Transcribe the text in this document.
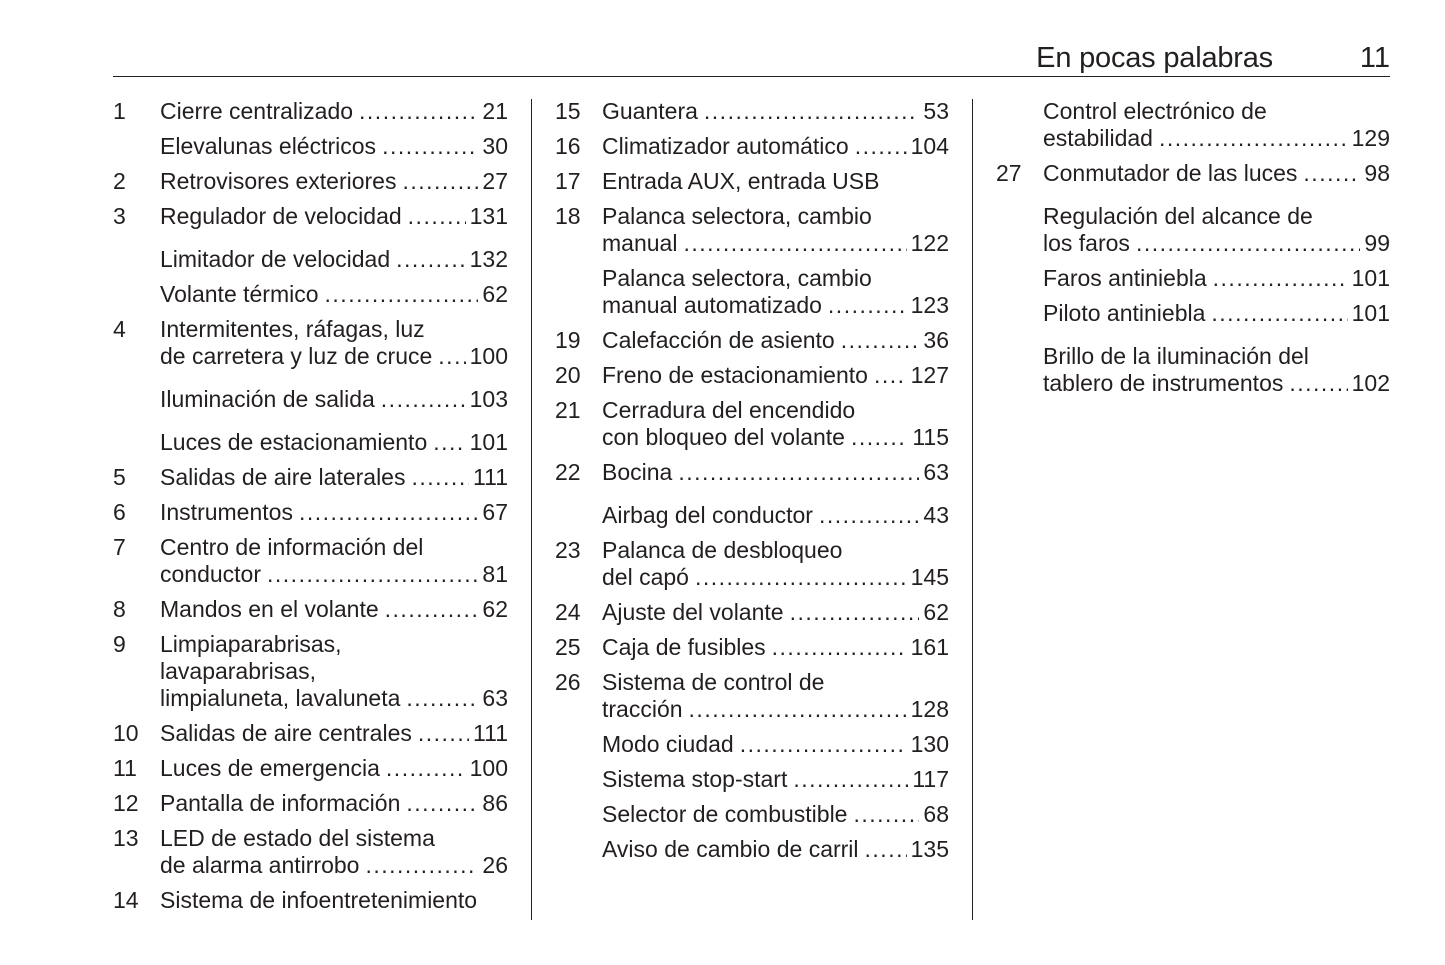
En pocas palabras	11
1	Cierre centralizado .....	21
Elevalunas eléctricos .....	30
2	Retrovisores exteriores .....	27
3	Regulador de velocidad .....	131
Limitador de velocidad .....	132
Volante térmico .....	62
4	Intermitentes, ráfagas, luz
de carretera y luz de cruce ..... 100
Iluminación de salida .....	103
Luces de estacionamiento ..... 101
5	Salidas de aire laterales .....	111
6	Instrumentos .....	67
7	Centro de información del
conductor .....	81
8	Mandos en el volante .....	62
9	Limpiaparabrisas,
lavaparabrisas,
limpialuneta, lavaluneta .....	63
10 Salidas de aire centrales .....	111
11	Luces de emergencia .....	100
12 Pantalla de información .....	86
13 LED de estado del sistema
de alarma antirrobo .....	26
14 Sistema de infoentretenimiento
15 Guantera .....	53
16 Climatizador automático .....	104
17 Entrada AUX, entrada USB
18 Palanca selectora, cambio
manual .....	122
Palanca selectora, cambio
manual automatizado .....	123
19 Calefacción de asiento .....	36
20 Freno de estacionamiento ..... 127
21 Cerradura del encendido
con bloqueo del volante .....	115
22 Bocina .....	63
Airbag del conductor .....	43
23 Palanca de desbloqueo
del capó .....	145
24 Ajuste del volante .....	62
25 Caja de fusibles .....	161
26 Sistema de control de
tracción .....	128
Modo ciudad .....	130
Sistema stop-start .....	117
Selector de combustible .....	68
Aviso de cambio de carril ..... 135
Control electrónico de
estabilidad .....	129
27 Conmutador de las luces .....	98
Regulación del alcance de
los faros .....	99
Faros antiniebla .....	101
Piloto antiniebla .....	101
Brillo de la iluminación del
tablero de instrumentos .....	102
